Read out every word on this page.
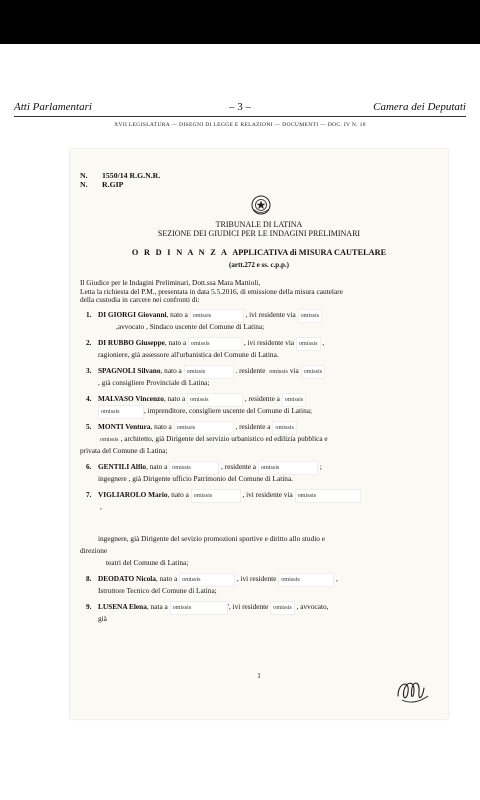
Atti Parlamentari	– 3 –	Camera dei Deputati
XVII LEGISLATURA — DISEGNI DI LEGGE E RELAZIONI — DOCUMENTI — DOC. IV N. 18
N. 1550/14 R.G.N.R.
N. R.GIP
TRIBUNALE DI LATINA
SEZIONE DEI GIUDICI PER LE INDAGINI PRELIMINARI
O R D I N A N Z A APPLICATIVA di MISURA CAUTELARE
(artt.272 e ss. c.p.p.)
Il Giudice per le Indagini Preliminari, Dott.ssa Mara Mattioli,
Letta la richiesta del P.M., presentata in data 5.5.2016, di emissione della misura cautelare
della custodia in carcere nei confronti di:
1. DI GIORGI Giovanni, nato a omissis	, ivi residente via omissis
,avvocato , Sindaco uscente del Comune di Latina;
2. DI RUBBO Giuseppe, nato a omissis	, ivi residente via omissis ,
ragioniere, già assessore all'urbanistica del Comune di Latina.
3. SPAGNOLI Silvano, nato a omissis	. residente omissis via omissis
, già consigliere Provinciale di Latina;
4. MALVASO Vincenzo, nato a omissis	, residente a omissis
omissis	, imprenditore, consigliere uscente del Comune di Latina;
5. MONTI Ventura, nato a omissis	, residente a omissis
omissis , architetto, già Dirigente del servizio urbanistico ed edilizia pubblica e
privata del Comune di Latina;
6. GENTILI Alfio, nato a omissis	, residente a omissis	;
ingegnere , già Dirigente ufficio Patrimonio del Comune di Latina.
7. VIGLIAROLO Mario, nato a omissis	, ivi residente via omissis
,
ingegnere, già Dirigente del sevizio promozioni sportive e diritto allo studio e
direzione
teatri del Comune di Latina;
8. DEODATO Nicola, nato a omissis	, ivi residente omissis	,
Istruttore Tecnico del Comune di Latina;
9. LUSENA Elena, nata a omissis	', ivi residente omissis , avvocato,
già
1
